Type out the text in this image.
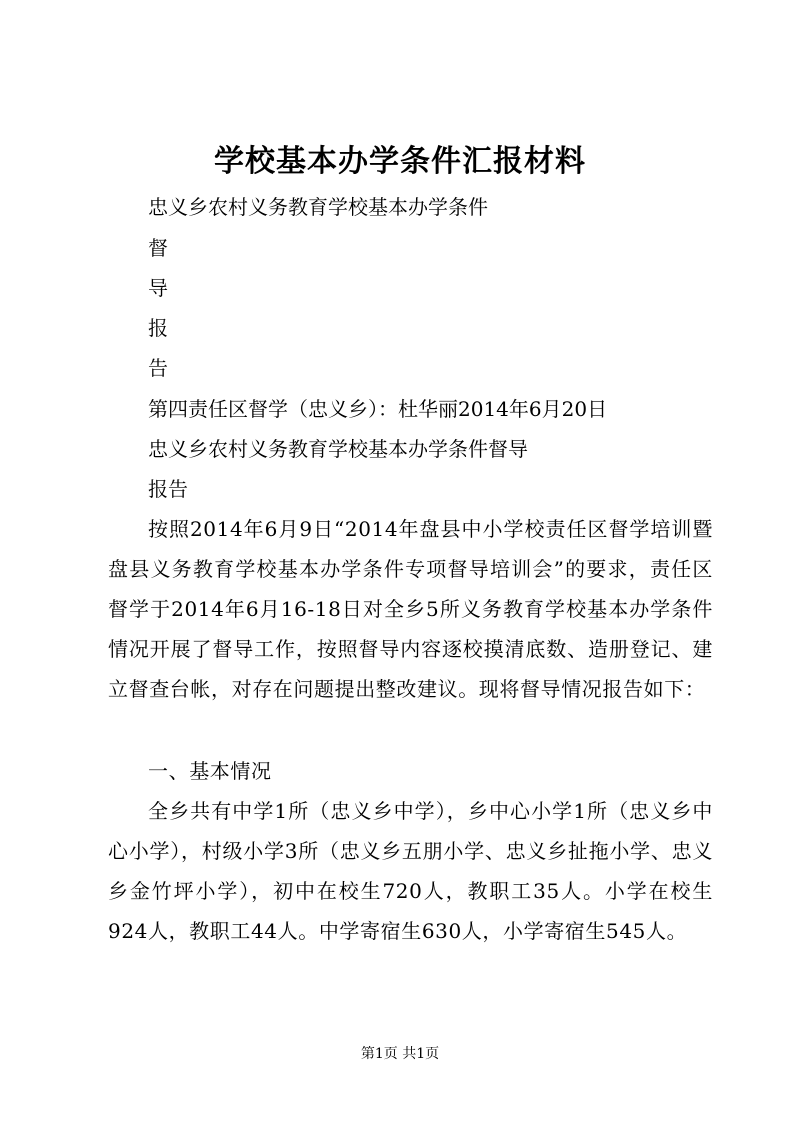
学校基本办学条件汇报材料

忠义乡农村义务教育学校基本办学条件

督

导

报

告

第四责任区督学（忠义乡）：杜华丽2014年6月20日

忠义乡农村义务教育学校基本办学条件督导

报告

按照2014年6月9日“2014年盘县中小学校责任区督学培训暨盘县义务教育学校基本办学条件专项督导培训会”的要求，责任区督学于2014年6月16-18日对全乡5所义务教育学校基本办学条件情况开展了督导工作，按照督导内容逐校摸清底数、造册登记、建立督查台帐，对存在问题提出整改建议。现将督导情况报告如下：

一、基本情况

全乡共有中学1所（忠义乡中学），乡中心小学1所（忠义乡中心小学），村级小学3所（忠义乡五朋小学、忠义乡扯拖小学、忠义乡金竹坪小学），初中在校生720人，教职工35人。小学在校生924人，教职工44人。中学寄宿生630人，小学寄宿生545人。

第1页 共1页
